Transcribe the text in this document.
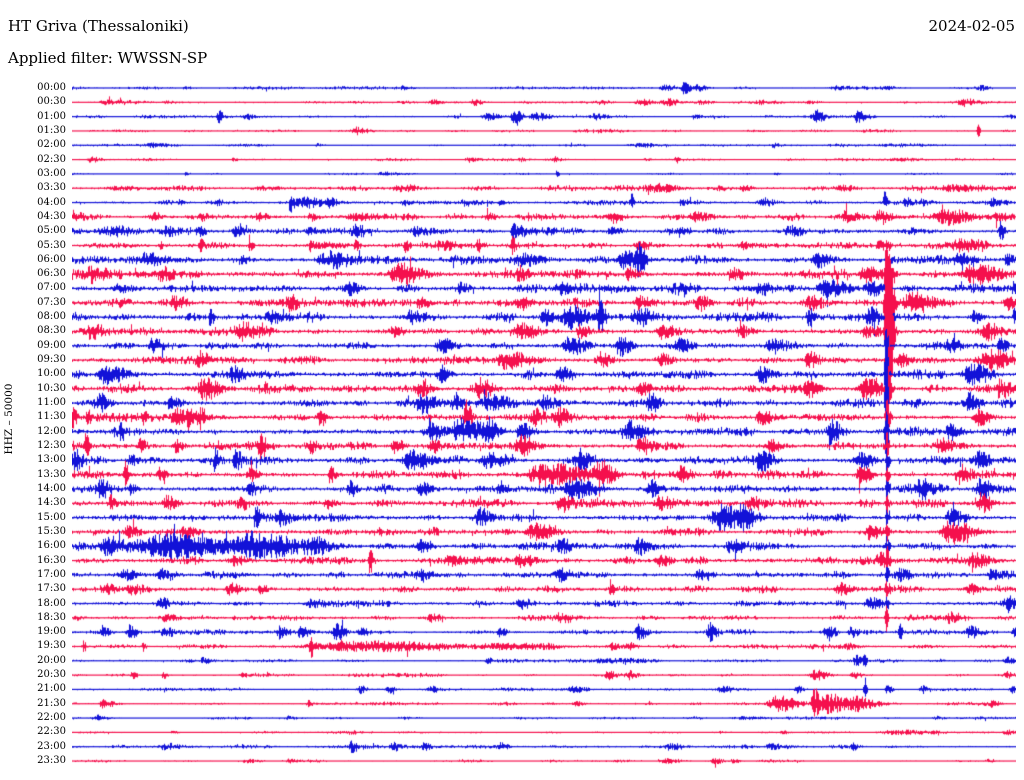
HT Griva (Thessaloniki)
Applied filter: WWSSN-SP
2024-02-05
HHZ – 50000
00:00
00:30
01:00
01:30
02:00
02:30
03:00
03:30
04:00
04:30
05:00
05:30
06:00
06:30
07:00
07:30
08:00
08:30
09:00
09:30
10:00
10:30
11:00
11:30
12:00
12:30
13:00
13:30
14:00
14:30
15:00
15:30
16:00
16:30
17:00
17:30
18:00
18:30
19:00
19:30
20:00
20:30
21:00
21:30
22:00
22:30
23:00
23:30
